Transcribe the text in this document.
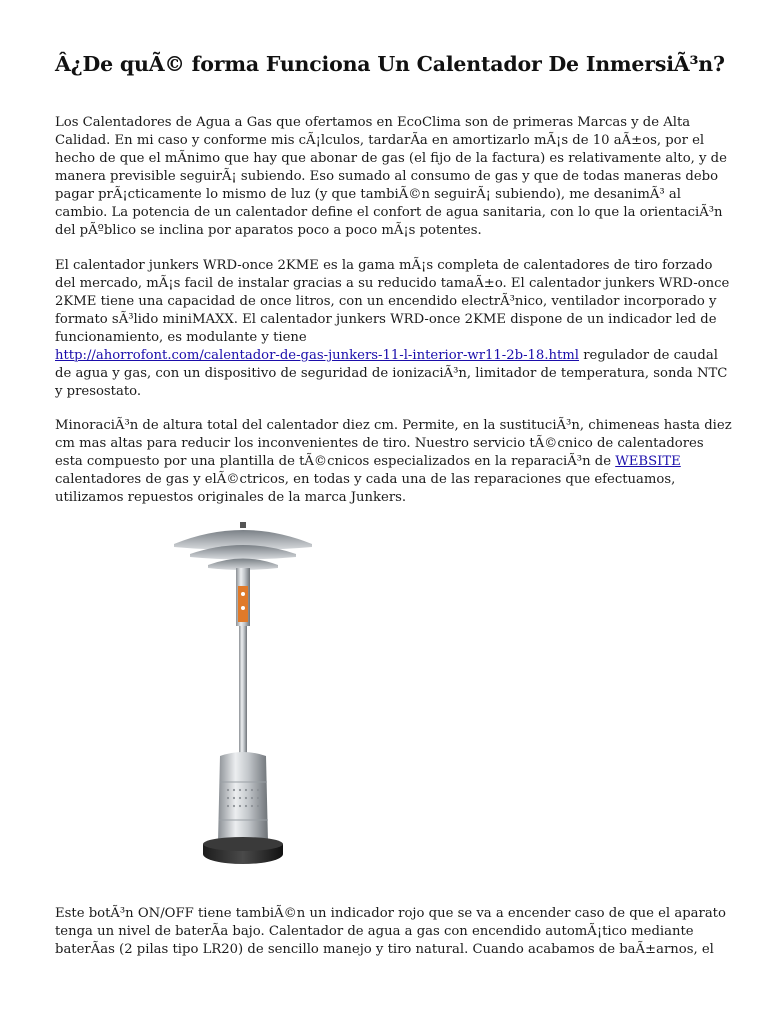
Â¿De quÃ© forma Funciona Un Calentador De InmersiÃ³n?
Los Calentadores de Agua a Gas que ofertamos en EcoClima son de primeras Marcas y de Alta
Calidad. En mi caso y conforme mis cÃ¡lculos, tardarÃa en amortizarlo mÃ¡s de 10 aÃ±os, por el
hecho de que el mÃnimo que hay que abonar de gas (el fijo de la factura) es relativamente alto, y de
manera previsible seguirÃ¡ subiendo. Eso sumado al consumo de gas y que de todas maneras debo
pagar prÃ¡cticamente lo mismo de luz (y que tambiÃ©n seguirÃ¡ subiendo), me desanimÃ³ al
cambio. La potencia de un calentador define el confort de agua sanitaria, con lo que la orientaciÃ³n
del pÃºblico se inclina por aparatos poco a poco mÃ¡s potentes.
El calentador junkers WRD-once 2KME es la gama mÃ¡s completa de calentadores de tiro forzado
del mercado, mÃ¡s facil de instalar gracias a su reducido tamaÃ±o. El calentador junkers WRD-once
2KME tiene una capacidad de once litros, con un encendido electrÃ³nico, ventilador incorporado y
formato sÃ³lido miniMAXX. El calentador junkers WRD-once 2KME dispone de un indicador led de
funcionamiento, es modulante y tiene
http://ahorrofont.com/calentador-de-gas-junkers-11-l-interior-wr11-2b-18.html regulador de caudal
de agua y gas, con un dispositivo de seguridad de ionizaciÃ³n, limitador de temperatura, sonda NTC
y presostato.
MinoraciÃ³n de altura total del calentador diez cm. Permite, en la sustituciÃ³n, chimeneas hasta diez
cm mas altas para reducir los inconvenientes de tiro. Nuestro servicio tÃ©cnico de calentadores
esta compuesto por una plantilla de tÃ©cnicos especializados en la reparaciÃ³n de WEBSITE
calentadores de gas y elÃ©ctricos, en todas y cada una de las reparaciones que efectuamos,
utilizamos repuestos originales de la marca Junkers.
Este botÃ³n ON/OFF tiene tambiÃ©n un indicador rojo que se va a encender caso de que el aparato
tenga un nivel de baterÃa bajo. Calentador de agua a gas con encendido automÃ¡tico mediante
baterÃas (2 pilas tipo LR20) de sencillo manejo y tiro natural. Cuando acabamos de baÃ±arnos, el
